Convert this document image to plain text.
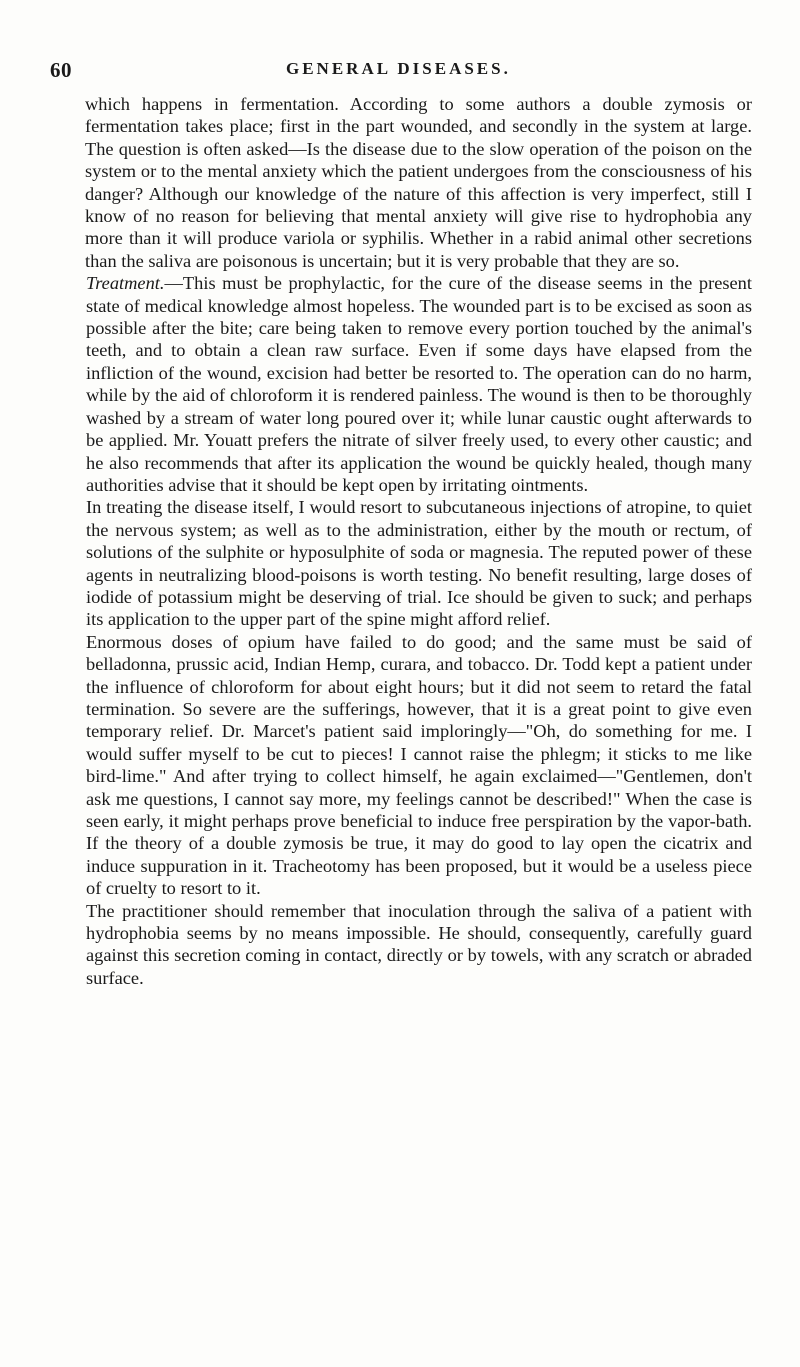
60	GENERAL DISEASES.

which happens in fermentation. According to some authors a double zymosis or fermentation takes place; first in the part wounded, and secondly in the system at large. The question is often asked—Is the disease due to the slow operation of the poison on the system or to the mental anxiety which the patient undergoes from the consciousness of his danger? Although our knowledge of the nature of this affection is very imperfect, still I know of no reason for believing that mental anxiety will give rise to hydrophobia any more than it will produce variola or syphilis. Whether in a rabid animal other secretions than the saliva are poisonous is uncertain; but it is very probable that they are so.

Treatment.—This must be prophylactic, for the cure of the disease seems in the present state of medical knowledge almost hopeless. The wounded part is to be excised as soon as possible after the bite; care being taken to remove every portion touched by the animal's teeth, and to obtain a clean raw surface. Even if some days have elapsed from the infliction of the wound, excision had better be resorted to. The operation can do no harm, while by the aid of chloroform it is rendered painless. The wound is then to be thoroughly washed by a stream of water long poured over it; while lunar caustic ought afterwards to be applied. Mr. Youatt prefers the nitrate of silver freely used, to every other caustic; and he also recommends that after its application the wound be quickly healed, though many authorities advise that it should be kept open by irritating ointments.

In treating the disease itself, I would resort to subcutaneous injections of atropine, to quiet the nervous system; as well as to the administration, either by the mouth or rectum, of solutions of the sulphite or hyposulphite of soda or magnesia. The reputed power of these agents in neutralizing blood-poisons is worth testing. No benefit resulting, large doses of iodide of potassium might be deserving of trial. Ice should be given to suck; and perhaps its application to the upper part of the spine might afford relief.

Enormous doses of opium have failed to do good; and the same must be said of belladonna, prussic acid, Indian Hemp, curara, and tobacco. Dr. Todd kept a patient under the influence of chloroform for about eight hours; but it did not seem to retard the fatal termination. So severe are the sufferings, however, that it is a great point to give even temporary relief. Dr. Marcet's patient said imploringly—"Oh, do something for me. I would suffer myself to be cut to pieces! I cannot raise the phlegm; it sticks to me like bird-lime." And after trying to collect himself, he again exclaimed—"Gentlemen, don't ask me questions, I cannot say more, my feelings cannot be described!" When the case is seen early, it might perhaps prove beneficial to induce free perspiration by the vapor-bath. If the theory of a double zymosis be true, it may do good to lay open the cicatrix and induce suppuration in it. Tracheotomy has been proposed, but it would be a useless piece of cruelty to resort to it.

The practitioner should remember that inoculation through the saliva of a patient with hydrophobia seems by no means impossible. He should, consequently, carefully guard against this secretion coming in contact, directly or by towels, with any scratch or abraded surface.
